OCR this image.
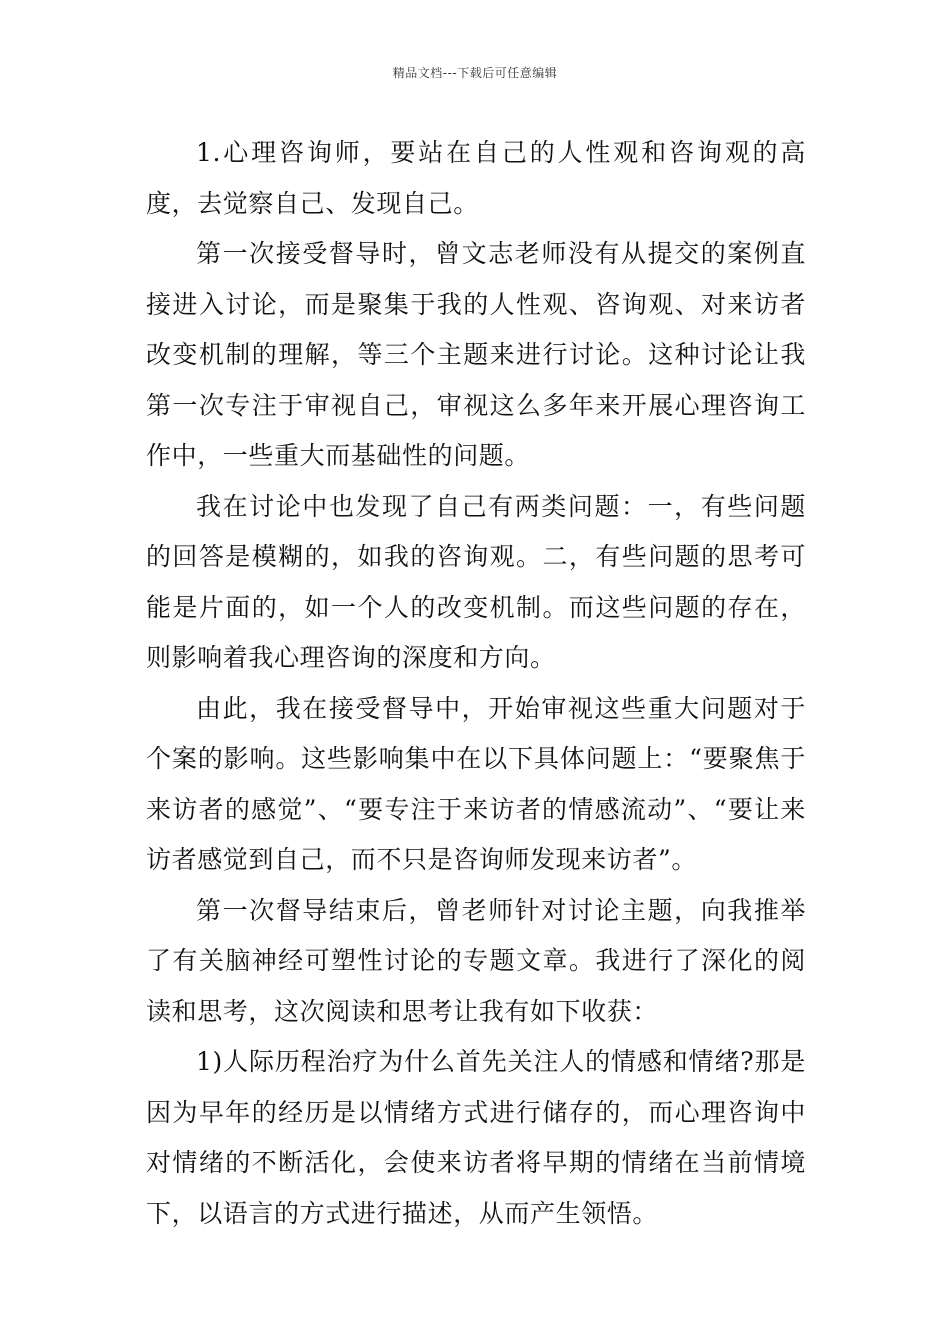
精品文档---下载后可任意编辑

1.心理咨询师，要站在自己的人性观和咨询观的高度，去觉察自己、发现自己。

第一次接受督导时，曾文志老师没有从提交的案例直接进入讨论，而是聚集于我的人性观、咨询观、对来访者改变机制的理解，等三个主题来进行讨论。这种讨论让我第一次专注于审视自己，审视这么多年来开展心理咨询工作中，一些重大而基础性的问题。

我在讨论中也发现了自己有两类问题：一，有些问题的回答是模糊的，如我的咨询观。二，有些问题的思考可能是片面的，如一个人的改变机制。而这些问题的存在，则影响着我心理咨询的深度和方向。

由此，我在接受督导中，开始审视这些重大问题对于个案的影响。这些影响集中在以下具体问题上：“要聚焦于来访者的感觉”、“要专注于来访者的情感流动”、“要让来访者感觉到自己，而不只是咨询师发现来访者”。

第一次督导结束后，曾老师针对讨论主题，向我推举了有关脑神经可塑性讨论的专题文章。我进行了深化的阅读和思考，这次阅读和思考让我有如下收获：

1)人际历程治疗为什么首先关注人的情感和情绪?那是因为早年的经历是以情绪方式进行储存的，而心理咨询中对情绪的不断活化，会使来访者将早期的情绪在当前情境下，以语言的方式进行描述，从而产生领悟。
